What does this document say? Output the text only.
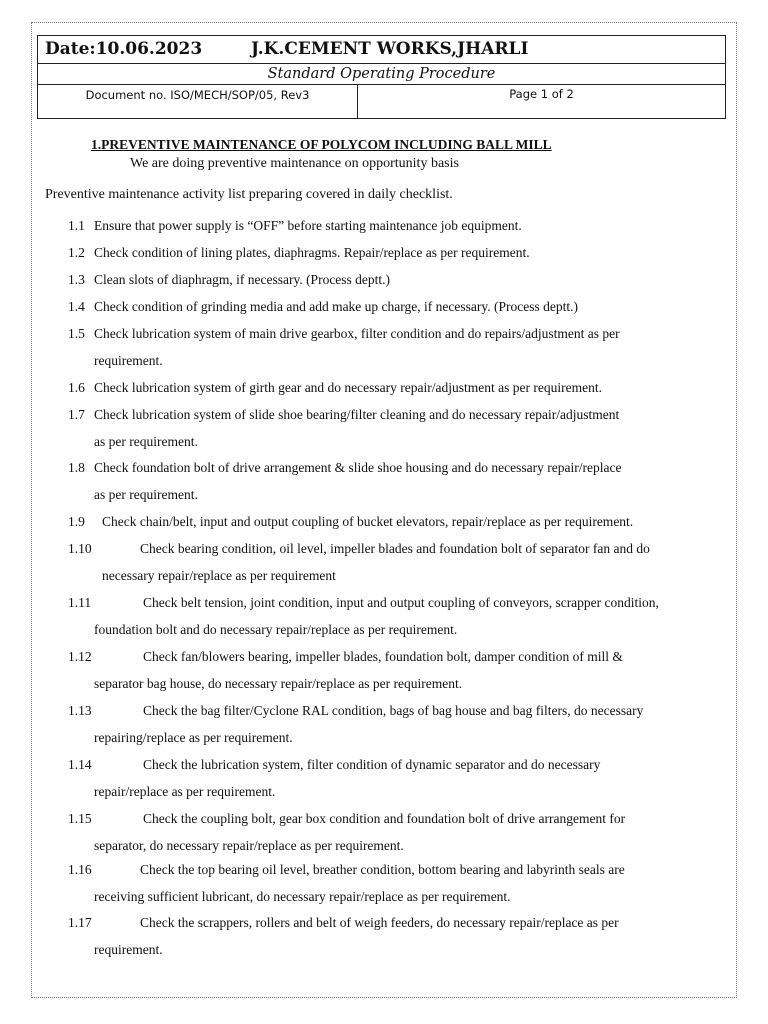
Date:10.06.2023	J.K.CEMENT WORKS,JHARLI
Standard Operating Procedure
Document no. ISO/MECH/SOP/05, Rev3	Page 1 of 2
1.PREVENTIVE MAINTENANCE OF POLYCOM INCLUDING BALL MILL
We are doing preventive maintenance on opportunity basis
Preventive maintenance activity list preparing covered in daily checklist.
1.1 Ensure that power supply is “OFF” before starting maintenance job equipment.
1.2 Check condition of lining plates, diaphragms. Repair/replace as per requirement.
1.3 Clean slots of diaphragm, if necessary. (Process deptt.)
1.4 Check condition of grinding media and add make up charge, if necessary. (Process deptt.)
1.5 Check lubrication system of main drive gearbox, filter condition and do repairs/adjustment as per
requirement.
1.6 Check lubrication system of girth gear and do necessary repair/adjustment as per requirement.
1.7 Check lubrication system of slide shoe bearing/filter cleaning and do necessary repair/adjustment
as per requirement.
1.8 Check foundation bolt of drive arrangement & slide shoe housing and do necessary repair/replace
as per requirement.
1.9 Check chain/belt, input and output coupling of bucket elevators, repair/replace as per requirement.
1.10	Check bearing condition, oil level, impeller blades and foundation bolt of separator fan and do
necessary repair/replace as per requirement
1.11	Check belt tension, joint condition, input and output coupling of conveyors, scrapper condition,
foundation bolt and do necessary repair/replace as per requirement.
1.12	Check fan/blowers bearing, impeller blades, foundation bolt, damper condition of mill &
separator bag house, do necessary repair/replace as per requirement.
1.13	Check the bag filter/Cyclone RAL condition, bags of bag house and bag filters, do necessary
repairing/replace as per requirement.
1.14	Check the lubrication system, filter condition of dynamic separator and do necessary
repair/replace as per requirement.
1.15	Check the coupling bolt, gear box condition and foundation bolt of drive arrangement for
separator, do necessary repair/replace as per requirement.
1.16	Check the top bearing oil level, breather condition, bottom bearing and labyrinth seals are
receiving sufficient lubricant, do necessary repair/replace as per requirement.
1.17	Check the scrappers, rollers and belt of weigh feeders, do necessary repair/replace as per
requirement.
